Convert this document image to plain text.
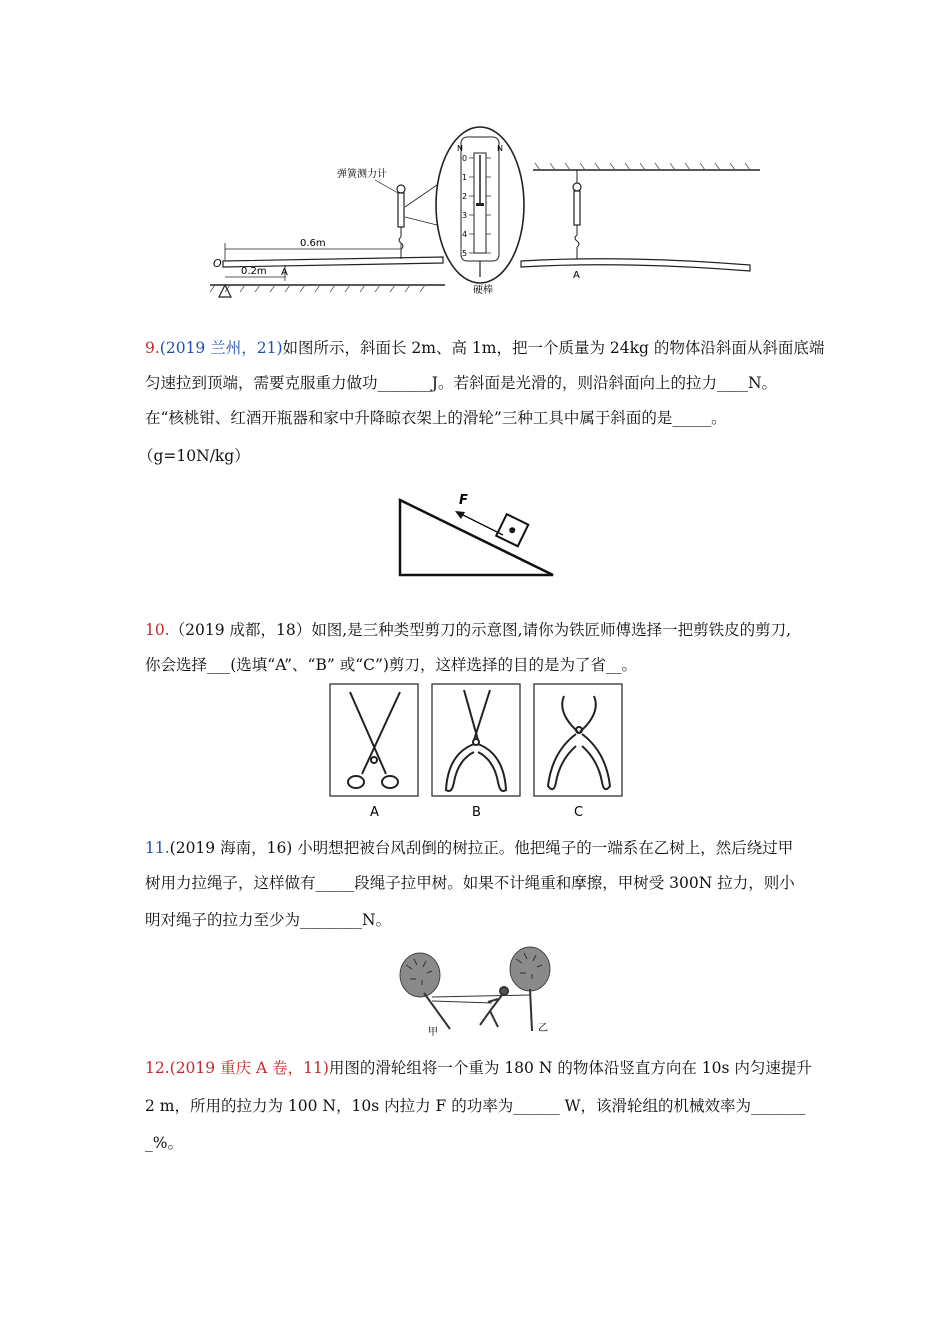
O
0.6m
0.2m A
弹簧测力计
N	N
0
1
2
3
4
5
硬棒
A
9.(2019 兰州，21)如图所示，斜面长 2m、高 1m，把一个质量为 24kg 的物体沿斜面从斜面底端
匀速拉到顶端，需要克服重力做功_______J。若斜面是光滑的，则沿斜面向上的拉力____N。
在“核桃钳、红酒开瓶器和家中升降晾衣架上的滑轮”三种工具中属于斜面的是_____。
（g=10N/kg）
F
10.（2019 成都，18）如图,是三种类型剪刀的示意图,请你为铁匠师傅选择一把剪铁皮的剪刀,
你会选择___(选填“A”、“B” 或“C”)剪刀，这样选择的目的是为了省__。
A	B	C
11.(2019 海南，16) 小明想把被台风刮倒的树拉正。他把绳子的一端系在乙树上，然后绕过甲
树用力拉绳子，这样做有_____段绳子拉甲树。如果不计绳重和摩擦，甲树受 300N 拉力，则小
明对绳子的拉力至少为________N。
甲	乙
12.(2019 重庆 A 卷，11)用图的滑轮组将一个重为 180 N 的物体沿竖直方向在 10s 内匀速提升
2 m，所用的拉力为 100 N，10s 内拉力 F 的功率为______ W，该滑轮组的机械效率为_______
_%。
